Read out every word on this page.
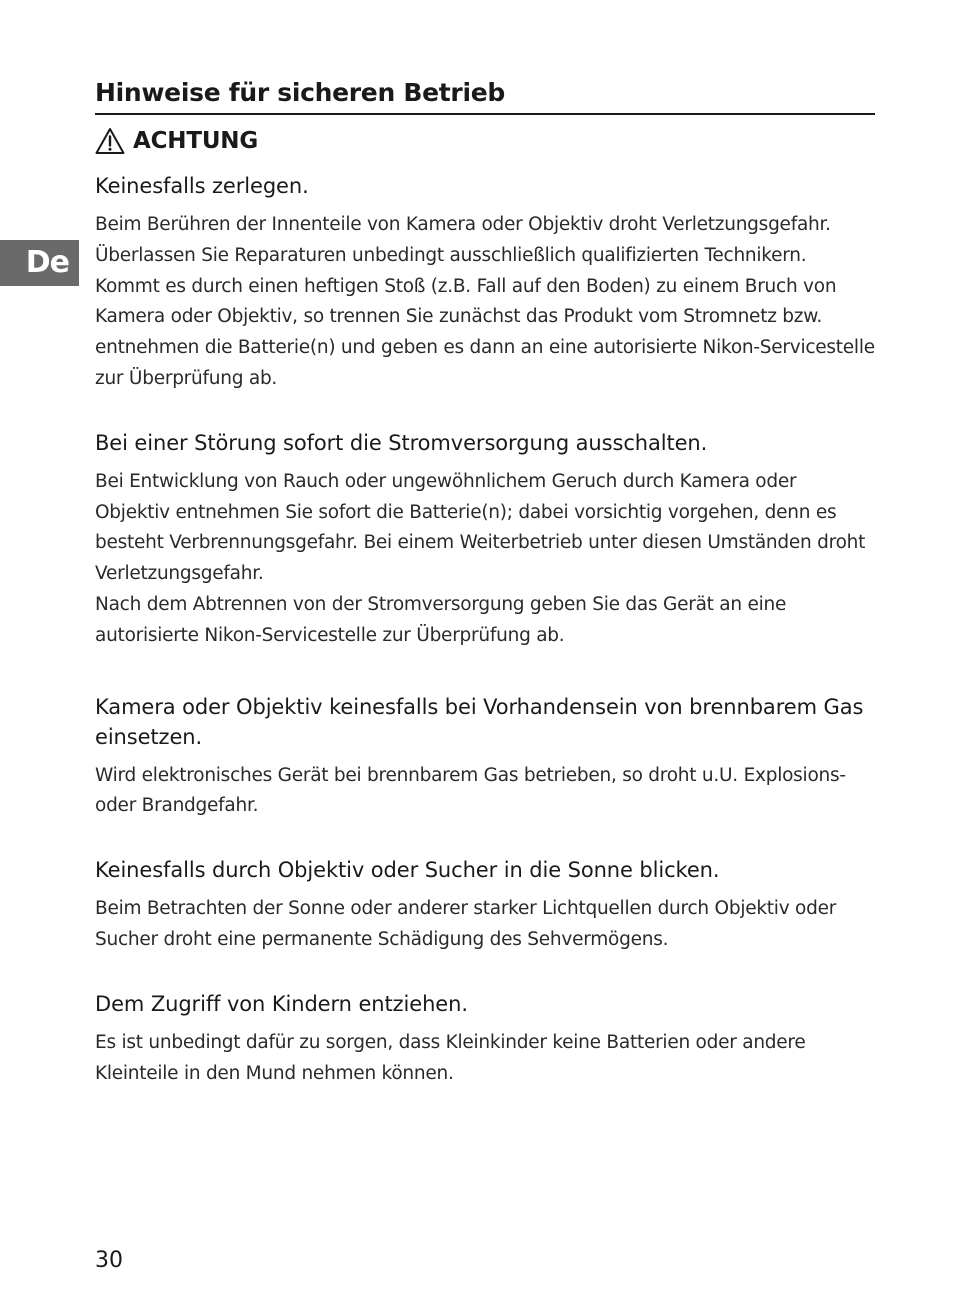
De
Hinweise für sicheren Betrieb
ACHTUNG
Keinesfalls zerlegen.

Beim Berühren der Innenteile von Kamera oder Objektiv droht Verletzungsgefahr. Überlassen Sie Reparaturen unbedingt ausschließlich qualifizierten Technikern. Kommt es durch einen heftigen Stoß (z.B. Fall auf den Boden) zu einem Bruch von Kamera oder Objektiv, so trennen Sie zunächst das Produkt vom Stromnetz bzw. entnehmen die Batterie(n) und geben es dann an eine autorisierte Nikon-Servicestelle zur Überprüfung ab.

Bei einer Störung sofort die Stromversorgung ausschalten.

Bei Entwicklung von Rauch oder ungewöhnlichem Geruch durch Kamera oder Objektiv entnehmen Sie sofort die Batterie(n); dabei vorsichtig vorgehen, denn es besteht Verbrennungsgefahr. Bei einem Weiterbetrieb unter diesen Umständen droht Verletzungsgefahr.

Nach dem Abtrennen von der Stromversorgung geben Sie das Gerät an eine autorisierte Nikon-Servicestelle zur Überprüfung ab.

Kamera oder Objektiv keinesfalls bei Vorhandensein von brennbarem Gas einsetzen.

Wird elektronisches Gerät bei brennbarem Gas betrieben, so droht u.U. Explosions- oder Brandgefahr.

Keinesfalls durch Objektiv oder Sucher in die Sonne blicken.

Beim Betrachten der Sonne oder anderer starker Lichtquellen durch Objektiv oder Sucher droht eine permanente Schädigung des Sehvermögens.

Dem Zugriff von Kindern entziehen.

Es ist unbedingt dafür zu sorgen, dass Kleinkinder keine Batterien oder andere Kleinteile in den Mund nehmen können.

30
